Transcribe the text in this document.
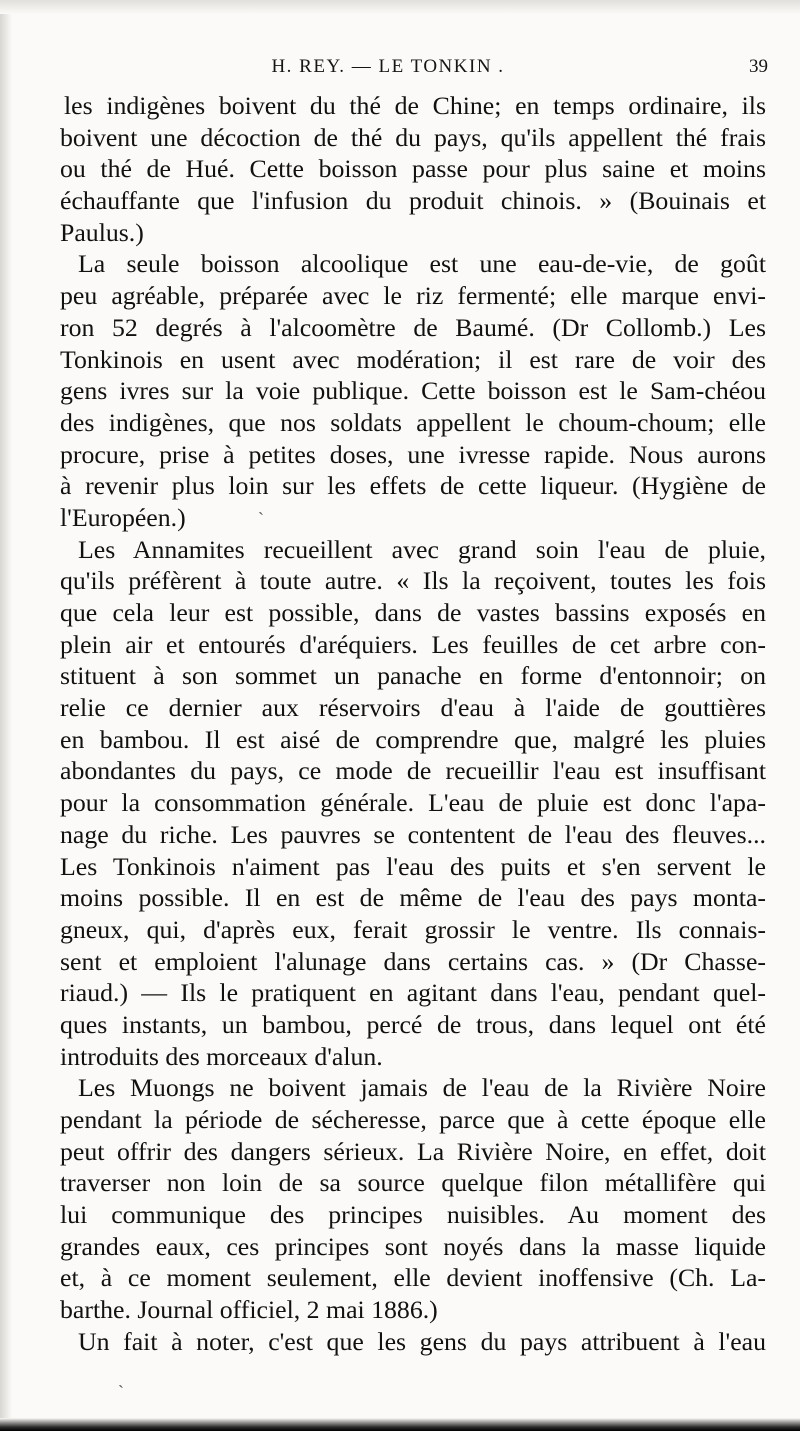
H. REY. — LE TONKIN .	39
les indigènes boivent du thé de Chine; en temps ordinaire, ils
boivent une décoction de thé du pays, qu'ils appellent thé frais
ou thé de Hué. Cette boisson passe pour plus saine et moins
échauffante que l'infusion du produit chinois. » (Bouinais et
Paulus.)
La seule boisson alcoolique est une eau-de-vie, de goût
peu agréable, préparée avec le riz fermenté; elle marque envi-
ron 52 degrés à l'alcoomètre de Baumé. (Dr Collomb.) Les
Tonkinois en usent avec modération; il est rare de voir des
gens ivres sur la voie publique. Cette boisson est le Sam-chéou
des indigènes, que nos soldats appellent le choum-choum; elle
procure, prise à petites doses, une ivresse rapide. Nous aurons
à revenir plus loin sur les effets de cette liqueur. (Hygiène de
l'Européen.)
Les Annamites recueillent avec grand soin l'eau de pluie,
qu'ils préfèrent à toute autre. « Ils la reçoivent, toutes les fois
que cela leur est possible, dans de vastes bassins exposés en
plein air et entourés d'aréquiers. Les feuilles de cet arbre con-
stituent à son sommet un panache en forme d'entonnoir; on
relie ce dernier aux réservoirs d'eau à l'aide de gouttières
en bambou. Il est aisé de comprendre que, malgré les pluies
abondantes du pays, ce mode de recueillir l'eau est insuffisant
pour la consommation générale. L'eau de pluie est donc l'apa-
nage du riche. Les pauvres se contentent de l'eau des fleuves...
Les Tonkinois n'aiment pas l'eau des puits et s'en servent le
moins possible. Il en est de même de l'eau des pays monta-
gneux, qui, d'après eux, ferait grossir le ventre. Ils connais-
sent et emploient l'alunage dans certains cas. » (Dr Chasse-
riaud.) — Ils le pratiquent en agitant dans l'eau, pendant quel-
ques instants, un bambou, percé de trous, dans lequel ont été
introduits des morceaux d'alun.
Les Muongs ne boivent jamais de l'eau de la Rivière Noire
pendant la période de sécheresse, parce que à cette époque elle
peut offrir des dangers sérieux. La Rivière Noire, en effet, doit
traverser non loin de sa source quelque filon métallifère qui
lui communique des principes nuisibles. Au moment des
grandes eaux, ces principes sont noyés dans la masse liquide
et, à ce moment seulement, elle devient inoffensive (Ch. La-
barthe. Journal officiel, 2 mai 1886.)
Un fait à noter, c'est que les gens du pays attribuent à l'eau
ˏ
ˎ
